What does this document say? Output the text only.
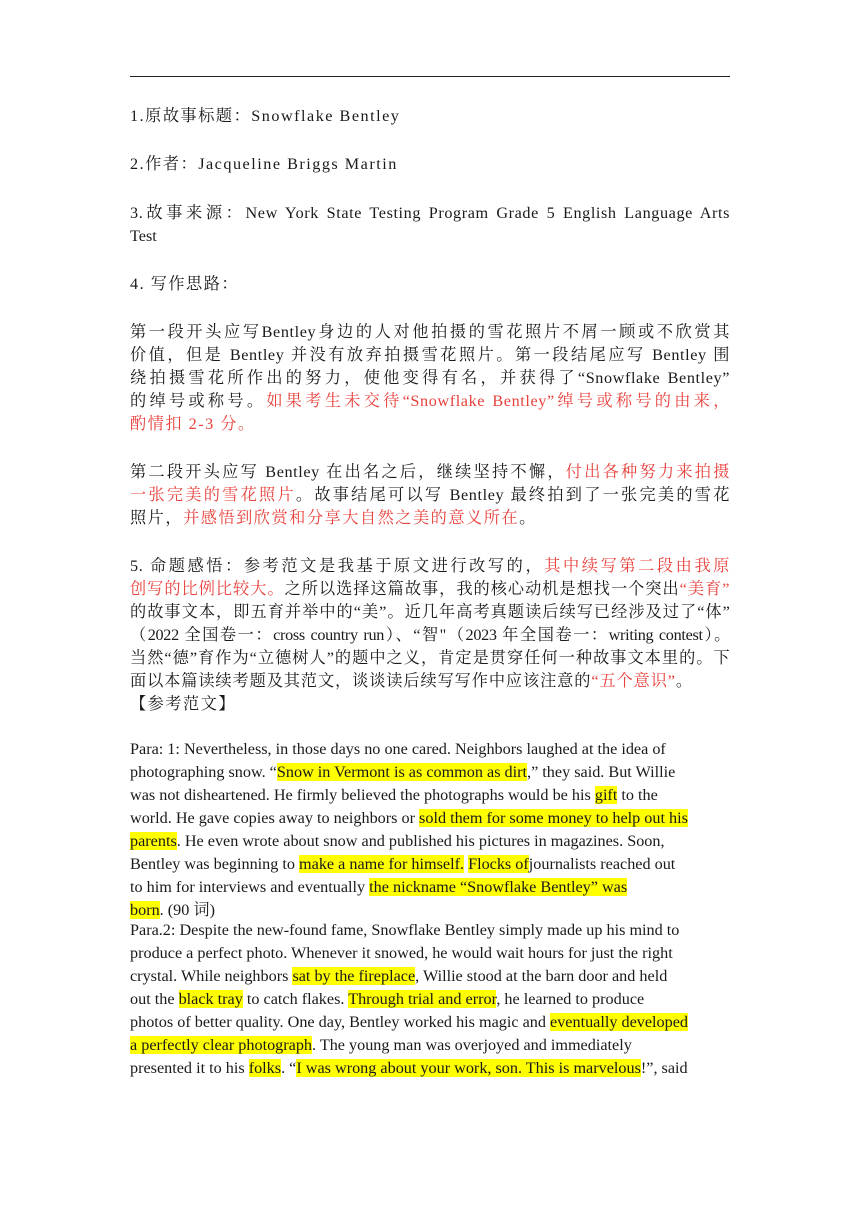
1.原故事标题：Snowflake Bentley
2.作者：Jacqueline Briggs Martin
3.故事来源：New York State Testing Program Grade 5 English Language Arts
Test
4. 写作思路：
第一段开头应写Bentley身边的人对他拍摄的雪花照片不屑一顾或不欣赏其
价值，但是 Bentley 并没有放弃拍摄雪花照片。第一段结尾应写 Bentley 围
绕拍摄雪花所作出的努力，使他变得有名，并获得了“Snowflake Bentley”
的绰号或称号。如果考生未交待“Snowflake Bentley”绰号或称号的由来，
酌情扣 2-3 分。
第二段开头应写 Bentley 在出名之后，继续坚持不懈，付出各种努力来拍摄
一张完美的雪花照片。故事结尾可以写 Bentley 最终拍到了一张完美的雪花
照片，并感悟到欣赏和分享大自然之美的意义所在。
5. 命题感悟：参考范文是我基于原文进行改写的，其中续写第二段由我原
创写的比例比较大。之所以选择这篇故事，我的核心动机是想找一个突出“美育”
的故事文本，即五育并举中的“美”。近几年高考真题读后续写已经涉及过了“体”
（2022 全国卷一：cross country run）、“智"（2023 年全国卷一：writing contest）。
当然“德”育作为“立德树人”的题中之义，肯定是贯穿任何一种故事文本里的。下
面以本篇读续考题及其范文，谈谈读后续写写作中应该注意的“五个意识”。
【参考范文】
Para: 1: Nevertheless, in those days no one cared. Neighbors laughed at the idea of
photographing snow. “Snow in Vermont is as common as dirt,” they said. But Willie
was not disheartened. He firmly believed the photographs would be his gift to the
world. He gave copies away to neighbors or sold them for some money to help out his
parents. He even wrote about snow and published his pictures in magazines. Soon,
Bentley was beginning to make a name for himself. Flocks ofjournalists reached out
to him for interviews and eventually the nickname “Snowflake Bentley” was
born. (90 词)
Para.2: Despite the new-found fame, Snowflake Bentley simply made up his mind to
produce a perfect photo. Whenever it snowed, he would wait hours for just the right
crystal. While neighbors sat by the fireplace, Willie stood at the barn door and held
out the black tray to catch flakes. Through trial and error, he learned to produce
photos of better quality. One day, Bentley worked his magic and eventually developed
a perfectly clear photograph. The young man was overjoyed and immediately
presented it to his folks. “I was wrong about your work, son. This is marvelous!”, said
